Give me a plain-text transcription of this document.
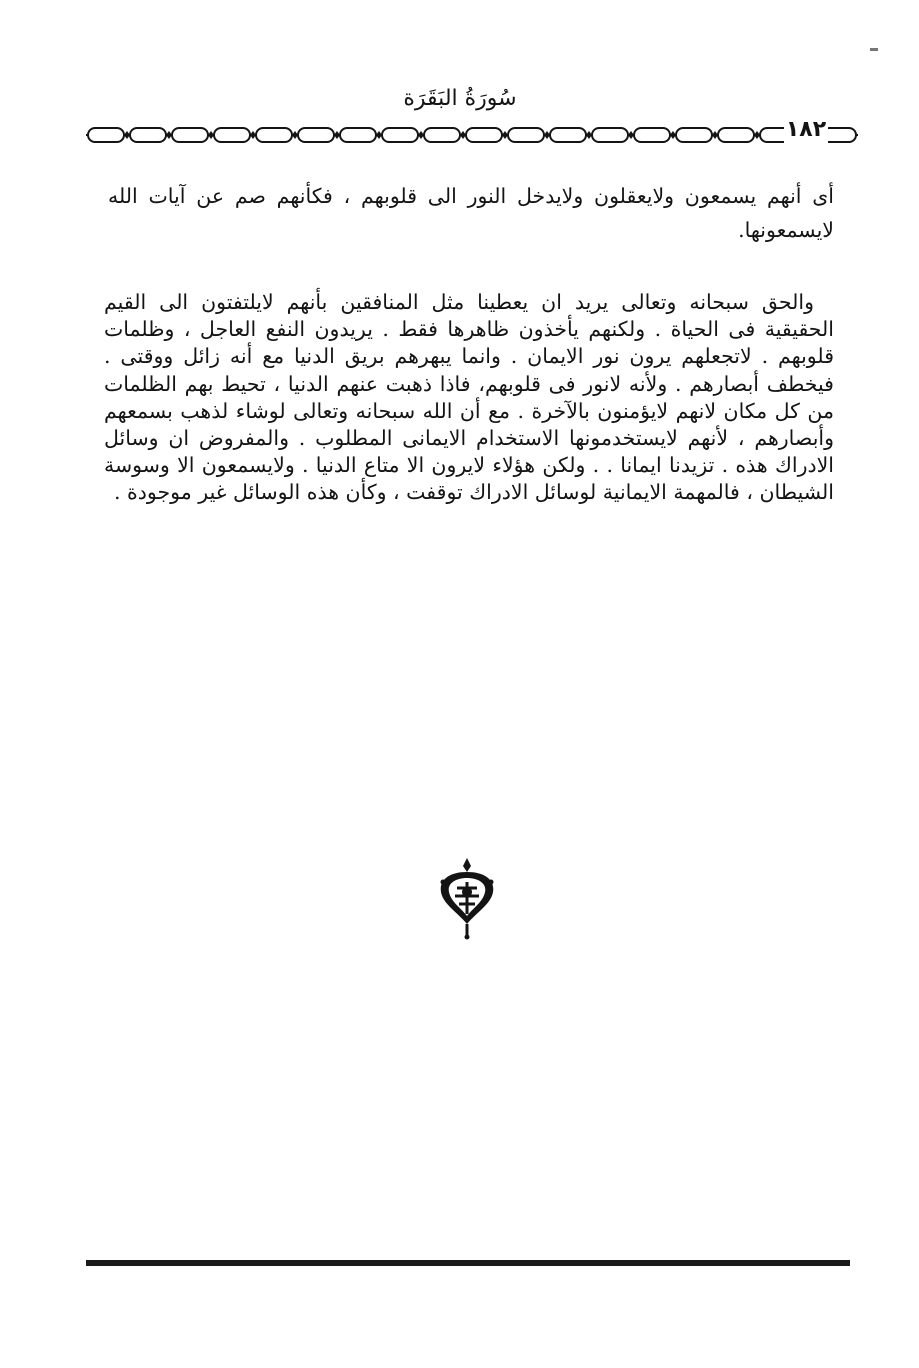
سُورَةُ البَقَرَة
١٨٢

أى أنهم يسمعون ولايعقلون ولايدخل النور الى قلوبهم ، فكأنهم صم عن آيات الله لايسمعونها.

والحق سبحانه وتعالى يريد ان يعطينا مثل المنافقين بأنهم لايلتفتون الى القيم الحقيقية فى الحياة . ولكنهم يأخذون ظاهرها فقط . يريدون النفع العاجل ، وظلمات قلوبهم . لاتجعلهم يرون نور الايمان . وانما يبهرهم بريق الدنيا مع أنه زائل ووقتى . فيخطف أبصارهم . ولأنه لانور فى قلوبهم، فاذا ذهبت عنهم الدنيا ، تحيط بهم الظلمات من كل مكان لانهم لايؤمنون بالآخرة . مع أن الله سبحانه وتعالى لوشاء لذهب بسمعهم وأبصارهم ، لأنهم لايستخدمونها الاستخدام الايمانى المطلوب . والمفروض ان وسائل الادراك هذه . تزيدنا ايمانا . . ولكن هؤلاء لايرون الا متاع الدنيا . ولايسمعون الا وسوسة الشيطان ، فالمهمة الايمانية لوسائل الادراك توقفت ، وكأن هذه الوسائل غير موجودة .
